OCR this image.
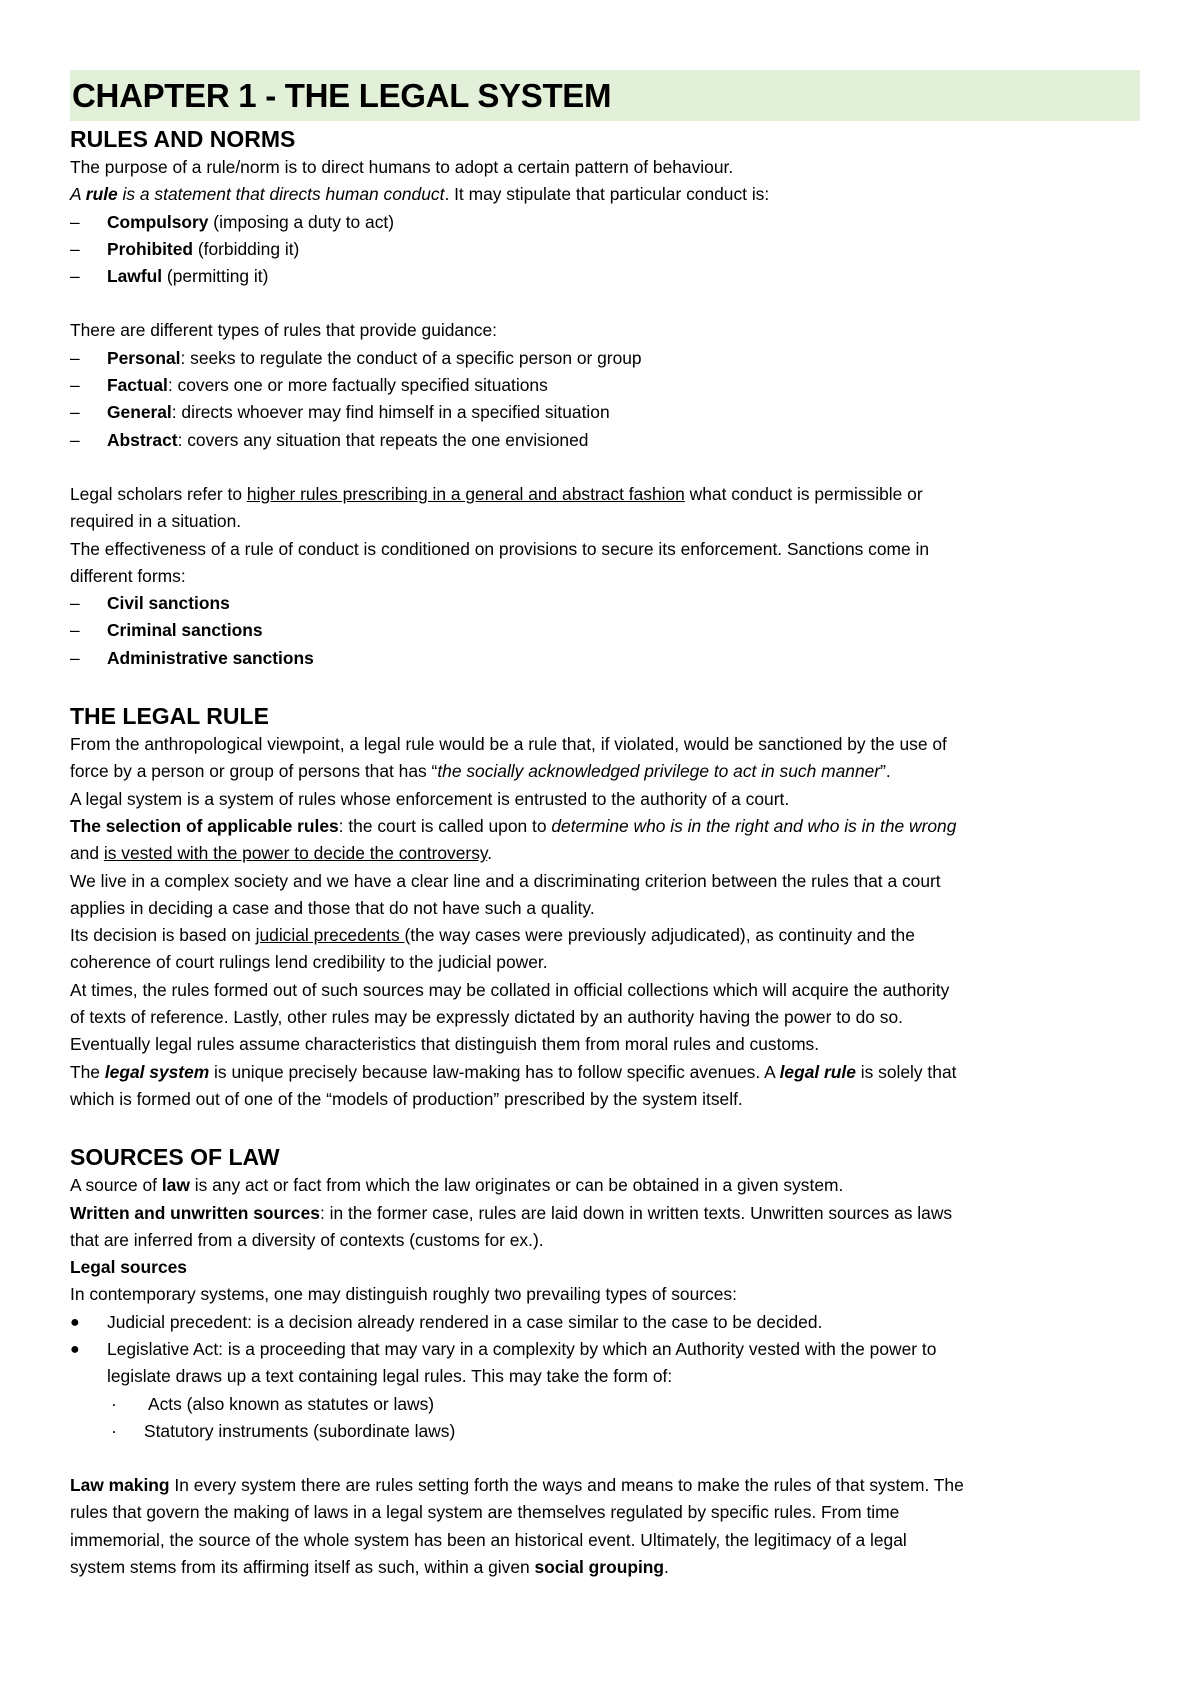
CHAPTER 1 - THE LEGAL SYSTEM
RULES AND NORMS
The purpose of a rule/norm is to direct humans to adopt a certain pattern of behaviour.
A rule is a statement that directs human conduct. It may stipulate that particular conduct is:
–	Compulsory (imposing a duty to act)
–	Prohibited (forbidding it)
–	Lawful (permitting it)
There are different types of rules that provide guidance:
–	Personal: seeks to regulate the conduct of a specific person or group
–	Factual: covers one or more factually specified situations
–	General: directs whoever may find himself in a specified situation
–	Abstract: covers any situation that repeats the one envisioned
Legal scholars refer to higher rules prescribing in a general and abstract fashion what conduct is permissible or
required in a situation.
The effectiveness of a rule of conduct is conditioned on provisions to secure its enforcement. Sanctions come in
different forms:
–	Civil sanctions
–	Criminal sanctions
–	Administrative sanctions
THE LEGAL RULE
From the anthropological viewpoint, a legal rule would be a rule that, if violated, would be sanctioned by the use of
force by a person or group of persons that has “the socially acknowledged privilege to act in such manner”.
A legal system is a system of rules whose enforcement is entrusted to the authority of a court.
The selection of applicable rules: the court is called upon to determine who is in the right and who is in the wrong
and is vested with the power to decide the controversy.
We live in a complex society and we have a clear line and a discriminating criterion between the rules that a court
applies in deciding a case and those that do not have such a quality.
Its decision is based on judicial precedents (the way cases were previously adjudicated), as continuity and the
coherence of court rulings lend credibility to the judicial power.
At times, the rules formed out of such sources may be collated in official collections which will acquire the authority
of texts of reference. Lastly, other rules may be expressly dictated by an authority having the power to do so.
Eventually legal rules assume characteristics that distinguish them from moral rules and customs.
The legal system is unique precisely because law-making has to follow specific avenues. A legal rule is solely that
which is formed out of one of the “models of production” prescribed by the system itself.
SOURCES OF LAW
A source of law is any act or fact from which the law originates or can be obtained in a given system.
Written and unwritten sources: in the former case, rules are laid down in written texts. Unwritten sources as laws
that are inferred from a diversity of contexts (customs for ex.).
Legal sources
In contemporary systems, one may distinguish roughly two prevailing types of sources:
●	Judicial precedent: is a decision already rendered in a case similar to the case to be decided.
●	Legislative Act: is a proceeding that may vary in a complexity by which an Authority vested with the power to
legislate draws up a text containing legal rules. This may take the form of:
·	Acts (also known as statutes or laws)
·	Statutory instruments (subordinate laws)
Law making In every system there are rules setting forth the ways and means to make the rules of that system. The
rules that govern the making of laws in a legal system are themselves regulated by specific rules. From time
immemorial, the source of the whole system has been an historical event. Ultimately, the legitimacy of a legal
system stems from its affirming itself as such, within a given social grouping.
